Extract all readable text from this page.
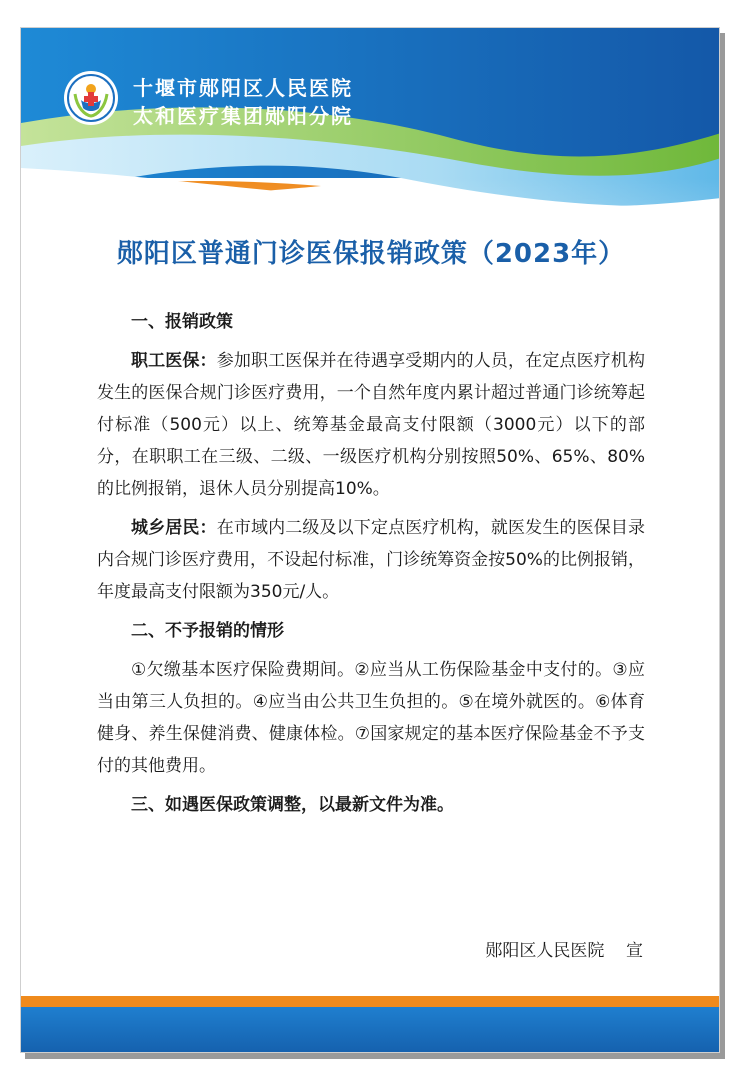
十堰市郧阳区人民医院
太和医疗集团郧阳分院
郧阳区普通门诊医保报销政策（2023年）

一、报销政策

职工医保：参加职工医保并在待遇享受期内的人员，在定点医疗机构发生的医保合规门诊医疗费用，一个自然年度内累计超过普通门诊统筹起付标准（500元）以上、统筹基金最高支付限额（3000元）以下的部分，在职职工在三级、二级、一级医疗机构分别按照50%、65%、80%的比例报销，退休人员分别提高10%。

城乡居民：在市域内二级及以下定点医疗机构，就医发生的医保目录内合规门诊医疗费用，不设起付标准，门诊统筹资金按50%的比例报销，年度最高支付限额为350元/人。

二、不予报销的情形

①欠缴基本医疗保险费期间。②应当从工伤保险基金中支付的。③应当由第三人负担的。④应当由公共卫生负担的。⑤在境外就医的。⑥体育健身、养生保健消费、健康体检。⑦国家规定的基本医疗保险基金不予支付的其他费用。

三、如遇医保政策调整，以最新文件为准。

郧阳区人民医院    宣
